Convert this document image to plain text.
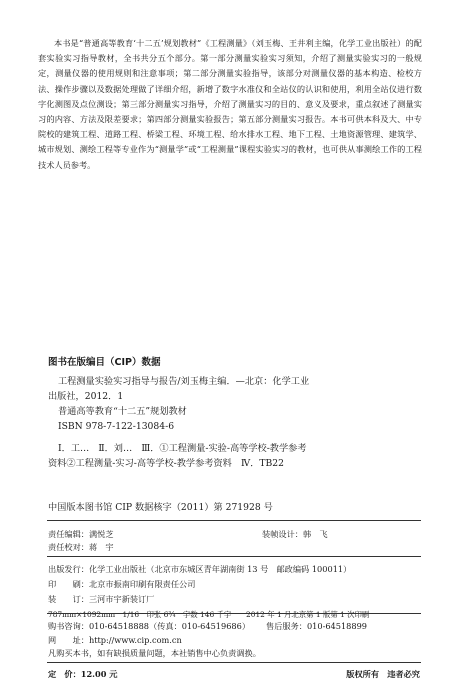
本书是“普通高等教育‘十二五’规划教材”《工程测量》（刘玉梅、王井利主编，化学工业出版社）的配套实验实习指导教材，全书共分五个部分。第一部分测量实验实习须知，介绍了测量实验实习的一般规定，测量仪器的使用规则和注意事项；第二部分测量实验指导，该部分对测量仪器的基本构造、检校方法、操作步骤以及数据处理做了详细介绍，新增了数字水准仪和全站仪的认识和使用，利用全站仪进行数字化测图及点位测设；第三部分测量实习指导，介绍了测量实习的目的、意义及要求，重点叙述了测量实习的内容、方法及限差要求；第四部分测量实验报告；第五部分测量实习报告。本书可供本科及大、中专院校的建筑工程、道路工程、桥梁工程、环境工程、给水排水工程、地下工程、土地资源管理、建筑学、城市规划、测绘工程等专业作为“测量学”或“工程测量”课程实验实习的教材，也可供从事测绘工作的工程技术人员参考。

图书在版编目（CIP）数据
工程测量实验实习指导与报告/刘玉梅主编．—北京：化学工业
出版社，2012．1
普通高等教育“十二五”规划教材
ISBN 978-7-122-13084-6
Ⅰ．工…　Ⅱ．刘…　Ⅲ．①工程测量-实验-高等学校-教学参考
资料②工程测量-实习-高等学校-教学参考资料　Ⅳ．TB22
中国版本图书馆 CIP 数据核字（2011）第 271928 号
责任编辑：满悦芝	装帧设计：韩　飞
责任校对：蒋　宇
出版发行：化学工业出版社（北京市东城区青年湖南街 13 号　邮政编码 100011）
印　　刷：北京市振南印刷有限责任公司
装　　订：三河市宇新装订厂
787mm×1092mm　1/16　印张 6¾　字数 146 千字　　2012 年 1 月北京第 1 版第 1 次印刷
购书咨询：010-64518888（传真：010-64519686） 售后服务：010-64518899
网　　址：http://www.cip.com.cn
凡购买本书，如有缺损质量问题，本社销售中心负责调换。
定　价：12.00 元	版权所有　违者必究
